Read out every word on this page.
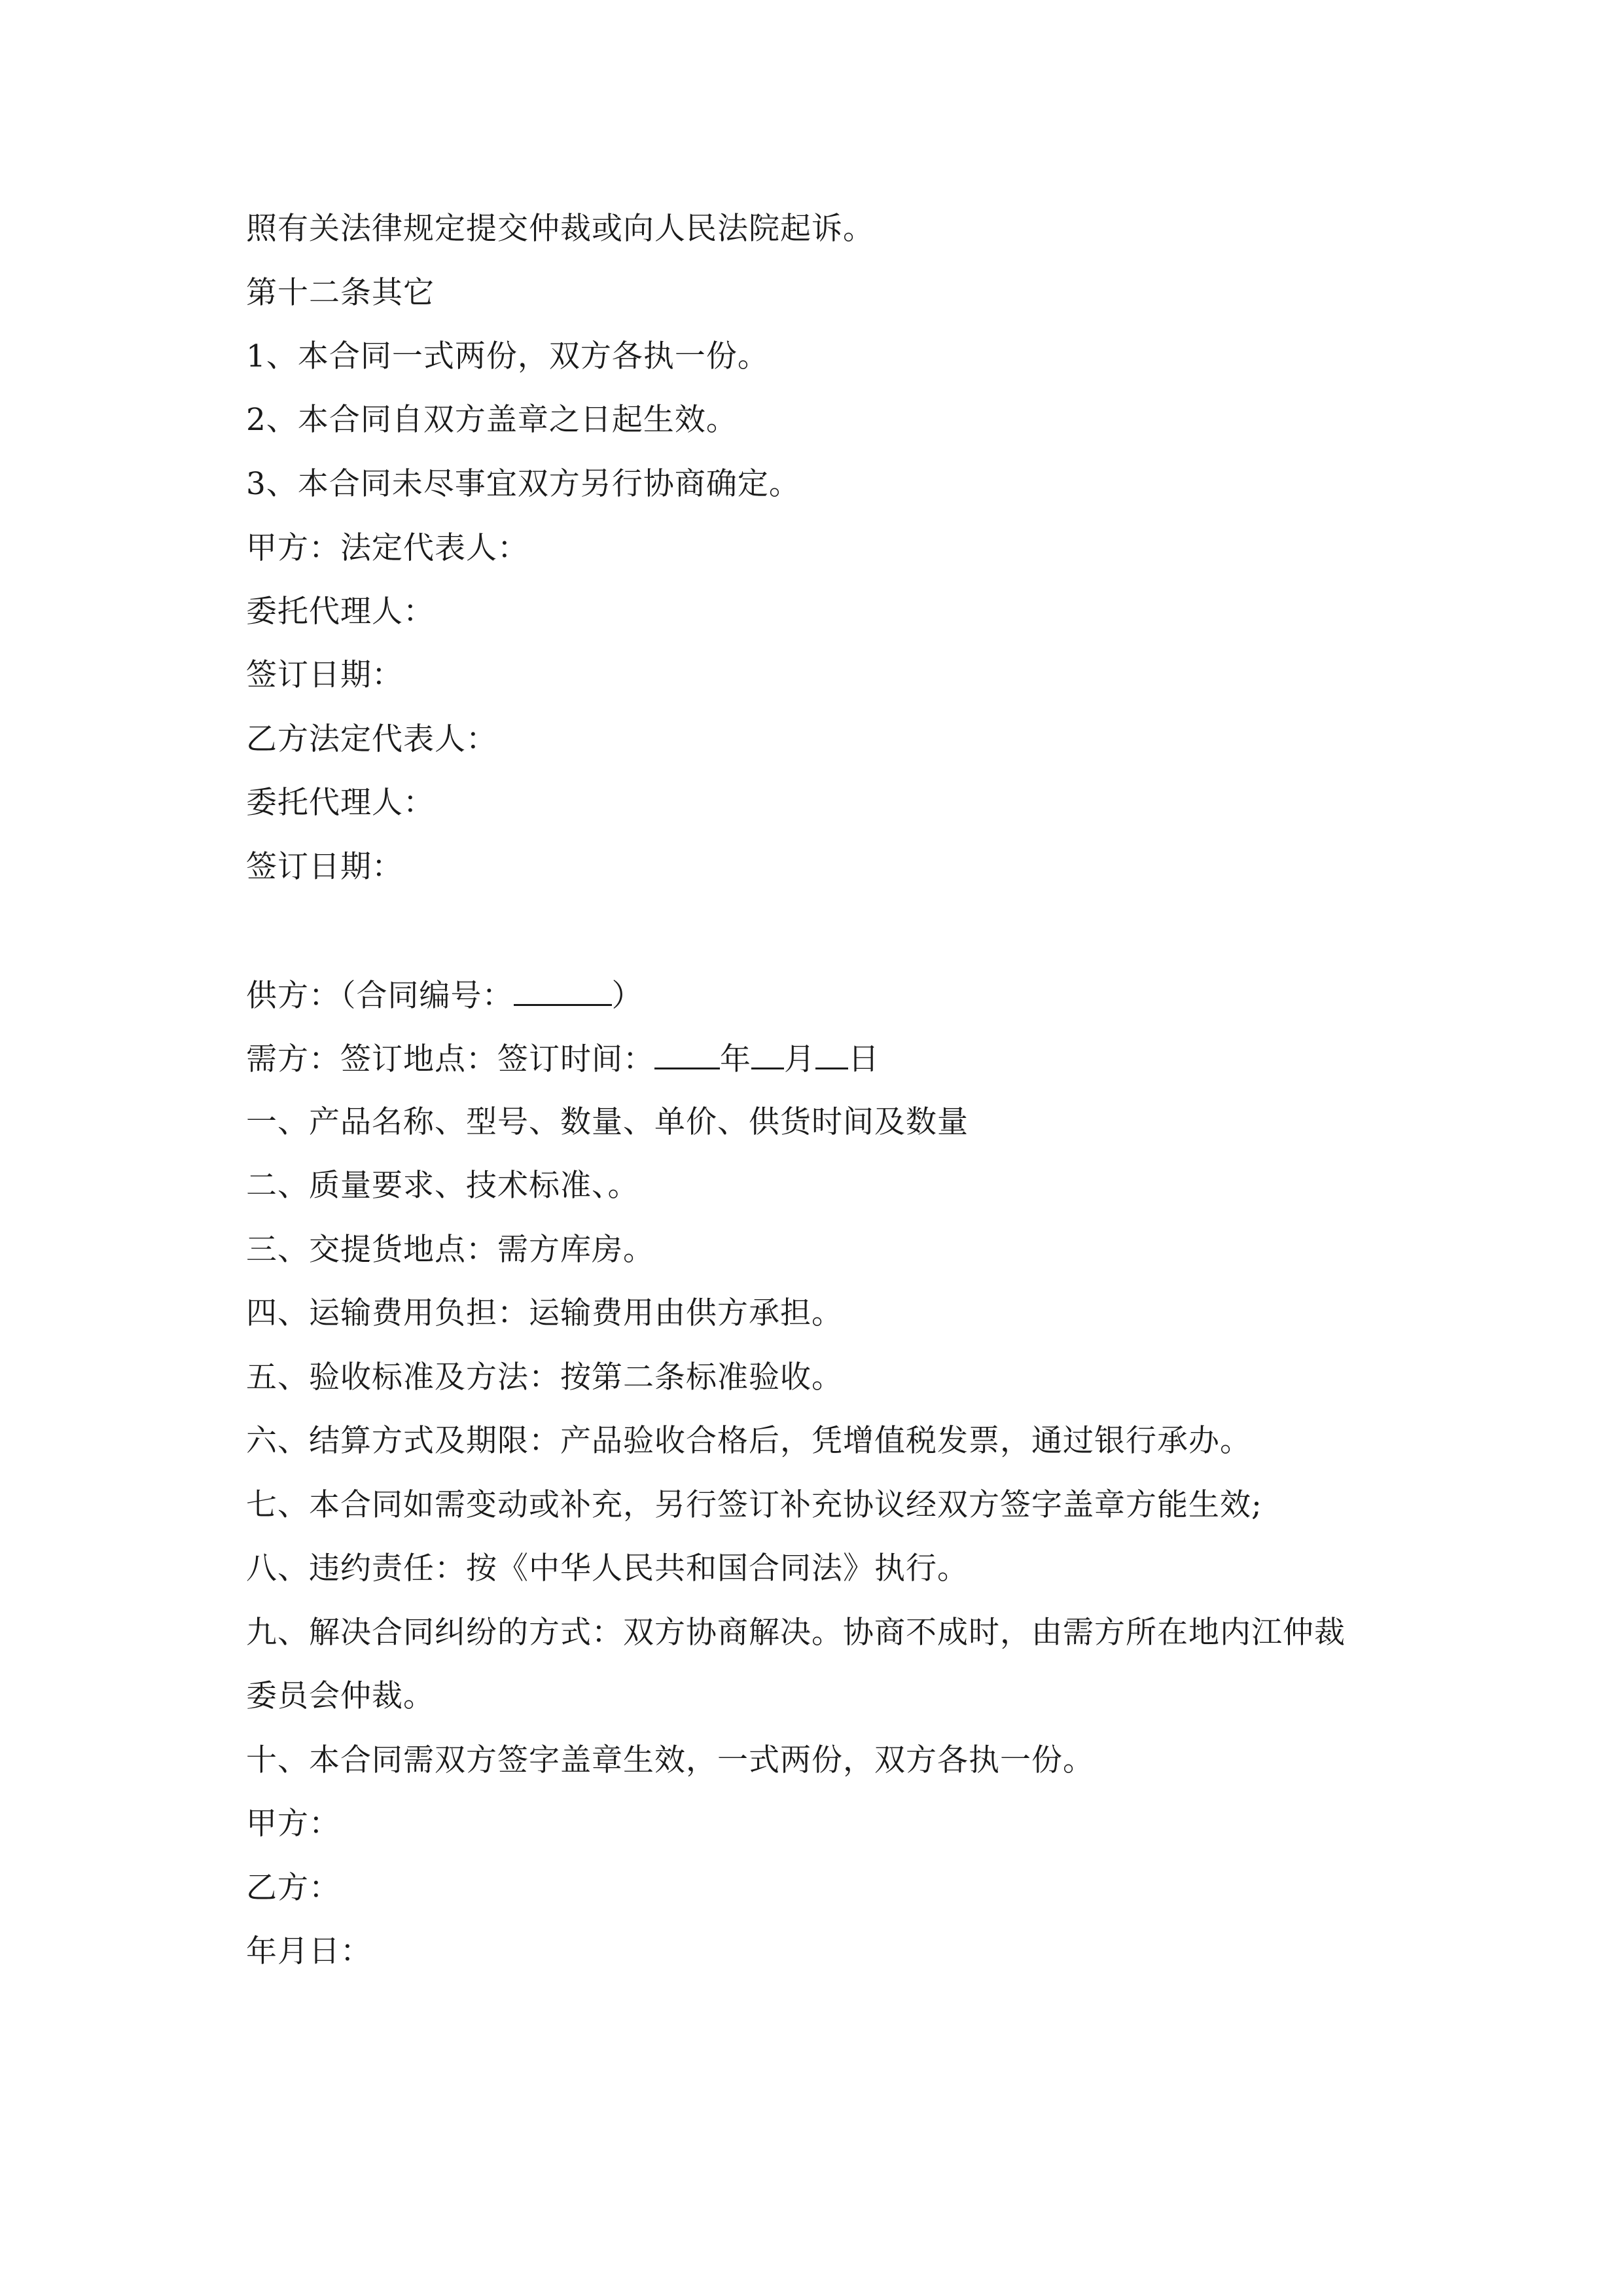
照有关法律规定提交仲裁或向人民法院起诉。
第十二条其它
1、本合同一式两份，双方各执一份。
2、本合同自双方盖章之日起生效。
3、本合同未尽事宜双方另行协商确定。
甲方：法定代表人：
委托代理人：
签订日期：
乙方法定代表人：
委托代理人：
签订日期：
供方：（合同编号：	）
需方：签订地点：签订时间： 年 月 日
一、产品名称、型号、数量、单价、供货时间及数量
二、质量要求、技术标准、。
三、交提货地点：需方库房。
四、运输费用负担：运输费用由供方承担。
五、验收标准及方法：按第二条标准验收。
六、结算方式及期限：产品验收合格后，凭增值税发票，通过银行承办。
七、本合同如需变动或补充，另行签订补充协议经双方签字盖章方能生效;
八、违约责任：按《中华人民共和国合同法》执行。
九、解决合同纠纷的方式：双方协商解决。协商不成时，由需方所在地内江仲裁
委员会仲裁。
十、本合同需双方签字盖章生效，一式两份，双方各执一份。
甲方：
乙方：
年月日：
